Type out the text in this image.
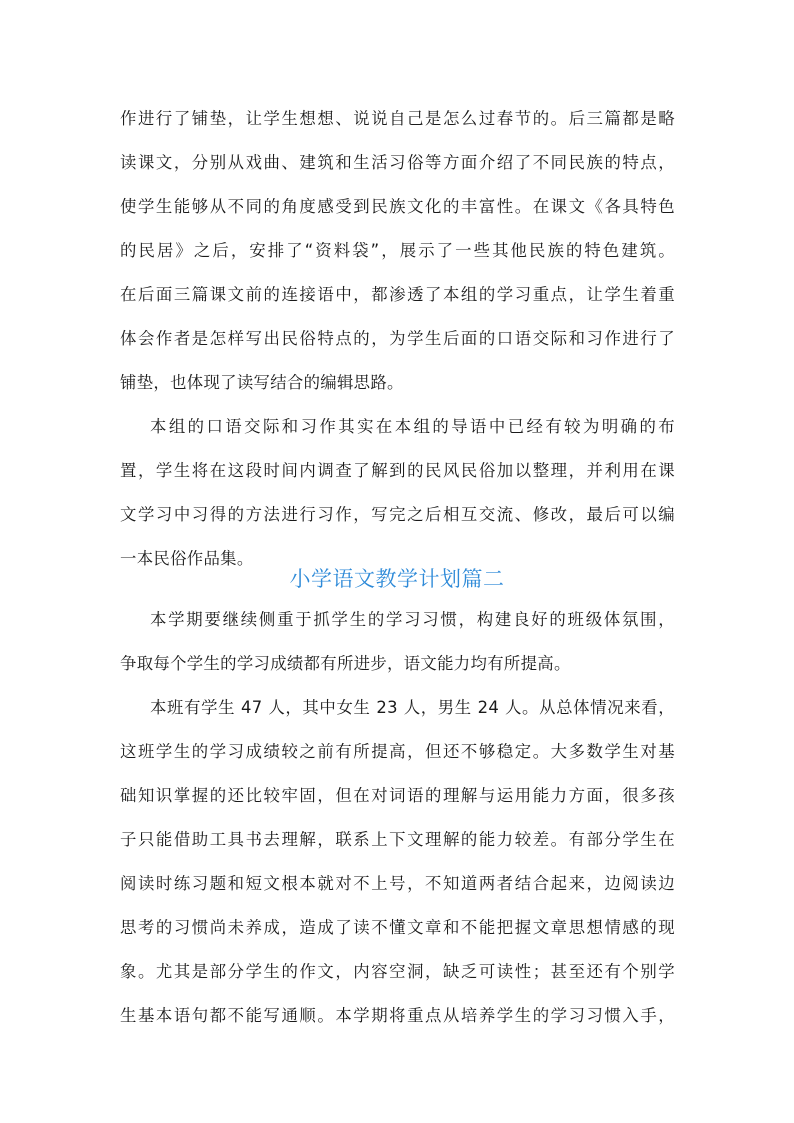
作进行了铺垫，让学生想想、说说自己是怎么过春节的。后三篇都是略
读课文，分别从戏曲、建筑和生活习俗等方面介绍了不同民族的特点，
使学生能够从不同的角度感受到民族文化的丰富性。在课文《各具特色
的民居》之后，安排了“资料袋”，展示了一些其他民族的特色建筑。
在后面三篇课文前的连接语中，都渗透了本组的学习重点，让学生着重
体会作者是怎样写出民俗特点的，为学生后面的口语交际和习作进行了
铺垫，也体现了读写结合的编辑思路。
本组的口语交际和习作其实在本组的导语中已经有较为明确的布
置，学生将在这段时间内调查了解到的民风民俗加以整理，并利用在课
文学习中习得的方法进行习作，写完之后相互交流、修改，最后可以编
一本民俗作品集。
小学语文教学计划篇二
本学期要继续侧重于抓学生的学习习惯，构建良好的班级体氛围，
争取每个学生的学习成绩都有所进步，语文能力均有所提高。
本班有学生 47 人，其中女生 23 人，男生 24 人。从总体情况来看，
这班学生的学习成绩较之前有所提高，但还不够稳定。大多数学生对基
础知识掌握的还比较牢固，但在对词语的理解与运用能力方面，很多孩
子只能借助工具书去理解，联系上下文理解的能力较差。有部分学生在
阅读时练习题和短文根本就对不上号，不知道两者结合起来，边阅读边
思考的习惯尚未养成，造成了读不懂文章和不能把握文章思想情感的现
象。尤其是部分学生的作文，内容空洞，缺乏可读性；甚至还有个别学
生基本语句都不能写通顺。本学期将重点从培养学生的学习习惯入手，
